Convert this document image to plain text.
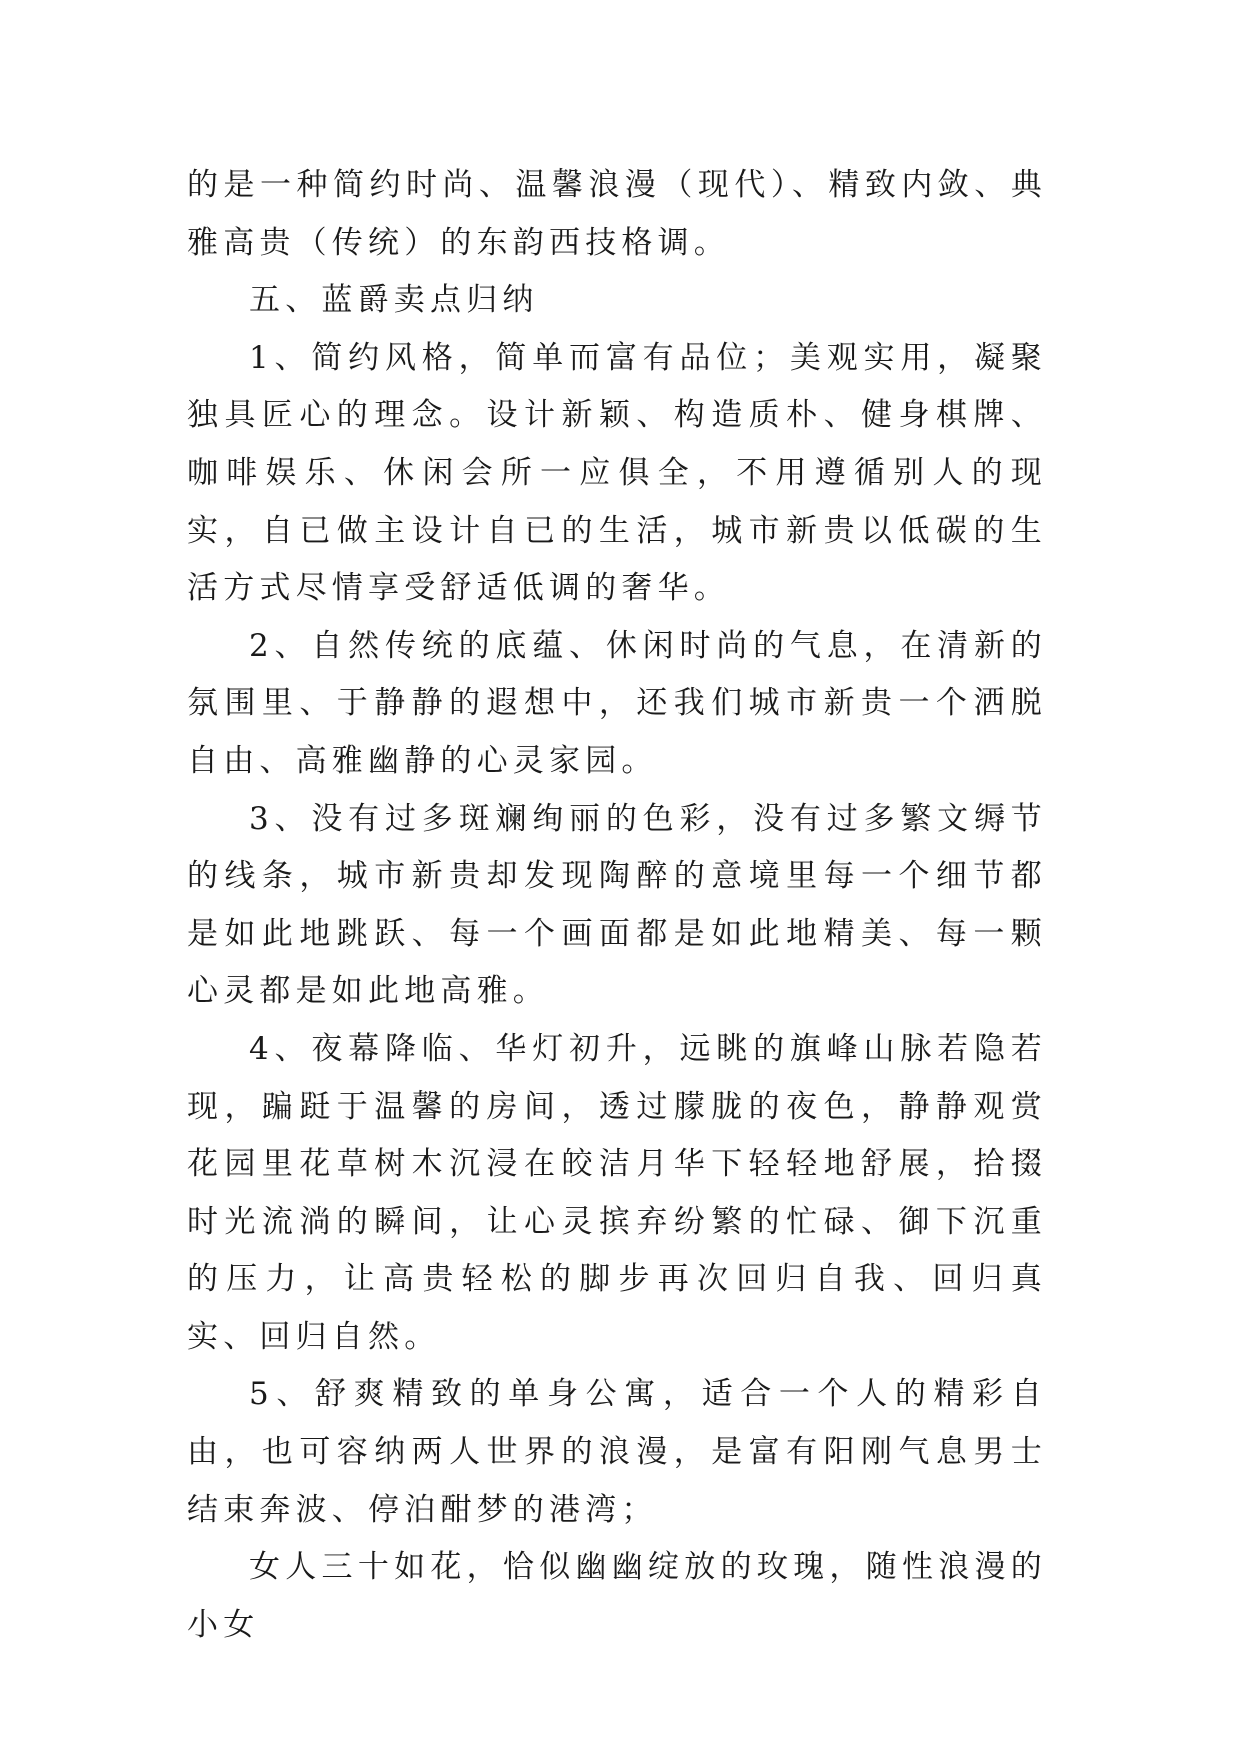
的是一种简约时尚、温馨浪漫（现代）、精致内敛、典雅高贵（传统）的东韵西技格调。

五、蓝爵卖点归纳

1、简约风格，简单而富有品位；美观实用，凝聚独具匠心的理念。设计新颖、构造质朴、健身棋牌、咖啡娱乐、休闲会所一应俱全，不用遵循别人的现实，自已做主设计自已的生活，城市新贵以低碳的生活方式尽情享受舒适低调的奢华。

2、自然传统的底蕴、休闲时尚的气息，在清新的氛围里、于静静的遐想中，还我们城市新贵一个洒脱自由、高雅幽静的心灵家园。

3、没有过多斑斓绚丽的色彩，没有过多繁文缛节的线条，城市新贵却发现陶醉的意境里每一个细节都是如此地跳跃、每一个画面都是如此地精美、每一颗心灵都是如此地高雅。

4、夜幕降临、华灯初升，远眺的旗峰山脉若隐若现，蹁跹于温馨的房间，透过朦胧的夜色，静静观赏花园里花草树木沉浸在皎洁月华下轻轻地舒展，拾掇时光流淌的瞬间，让心灵摈弃纷繁的忙碌、御下沉重的压力，让高贵轻松的脚步再次回归自我、回归真实、回归自然。

5、舒爽精致的单身公寓，适合一个人的精彩自由，也可容纳两人世界的浪漫，是富有阳刚气息男士结束奔波、停泊酣梦的港湾；

女人三十如花，恰似幽幽绽放的玫瑰，随性浪漫的小女
